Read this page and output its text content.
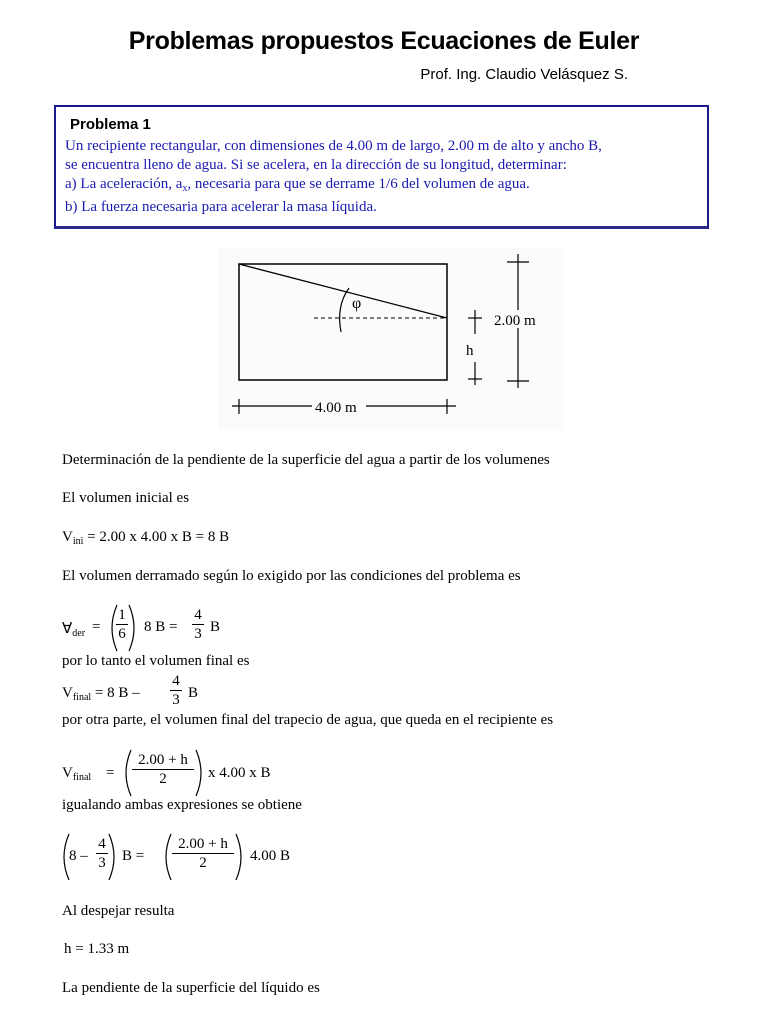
Problemas propuestos Ecuaciones de Euler
Prof. Ing. Claudio Velásquez S.
Problema 1
Un recipiente rectangular, con dimensiones de 4.00 m de largo, 2.00 m de alto y ancho B,
se encuentra lleno de agua. Si se acelera, en la dirección de su longitud, determinar:
a) La aceleración, $a_x$, necesaria para que se derrame 1/6 del volumen de agua.
b) La fuerza necesaria para acelerar la masa líquida.
φ
2.00 m
h
4.00 m
Determinación de la pendiente de la superficie del agua a partir de los volumenes
El volumen inicial es
$V_{ini} = 2.00$ x 4.00 x B = 8 B
El volumen derramado según lo exigido por las condiciones del problema es
$\forall_{der}$ =
1
6 8 B =
4
3 B
por lo tanto el volumen final es
$V_{final} = 8$ B –
4
3 B
por otra parte, el volumen final del trapecio de agua, que queda en el recipiente es
$V_{final}$ =
2.00 + h
2	x 4.00 x B
igualando ambas expresiones se obtiene
8 –
4
3 B =
2.00 + h
2	4.00 B
Al despejar resulta
h = 1.33 m
La pendiente de la superficie del líquido es
